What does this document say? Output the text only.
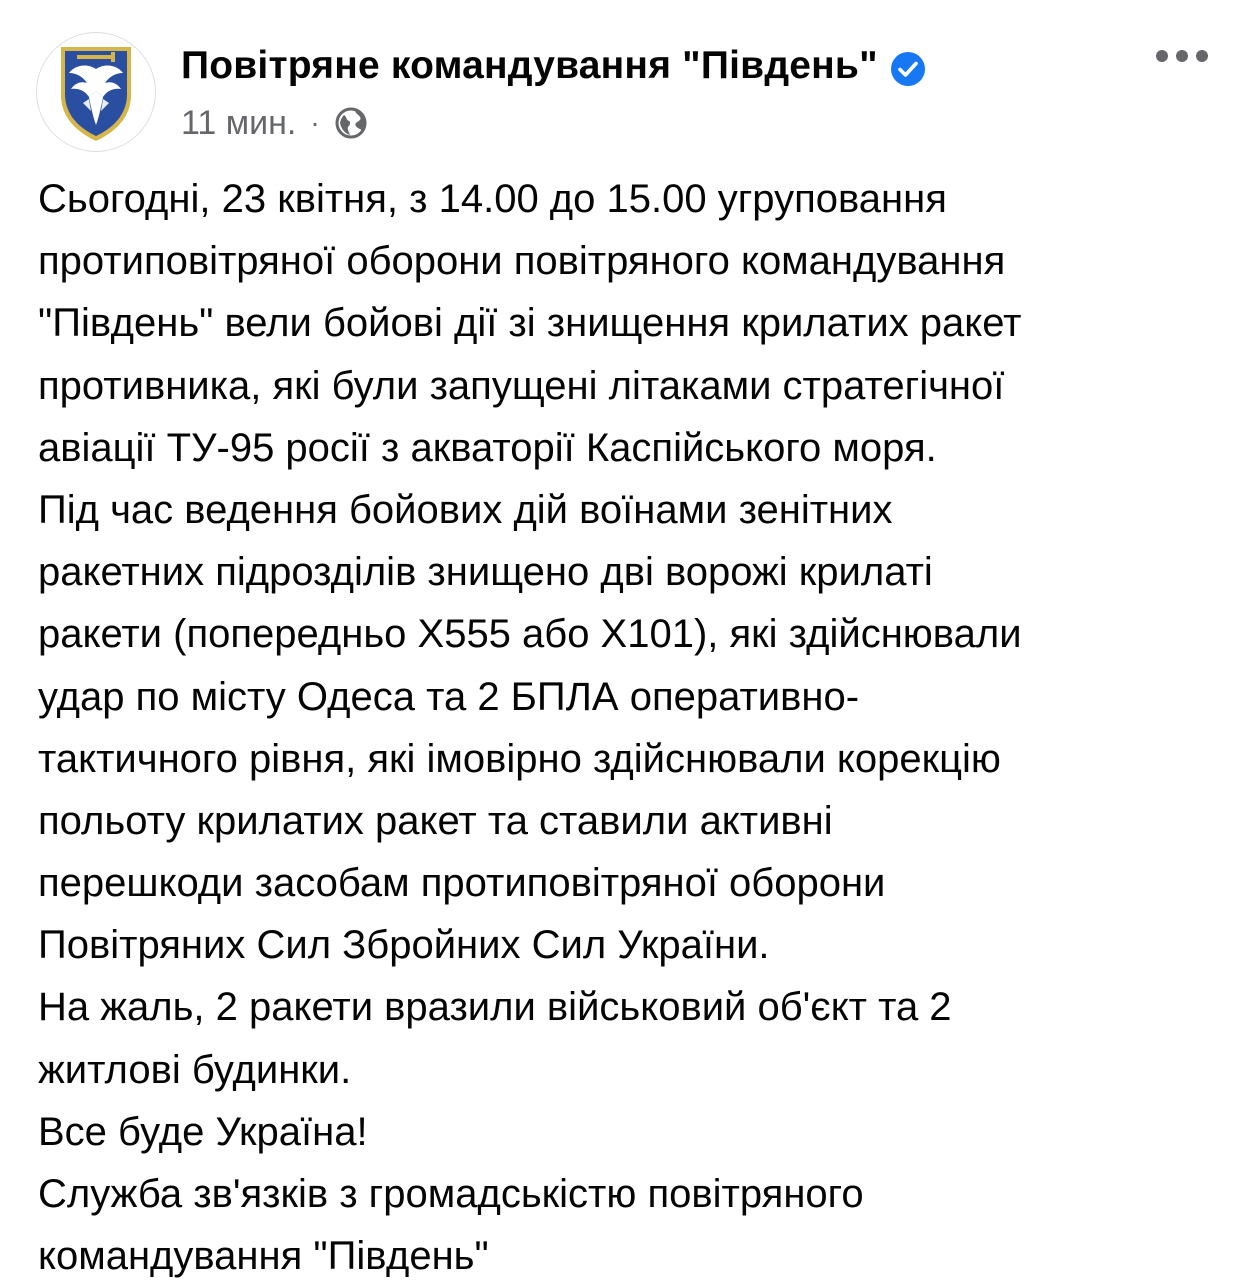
Повітряне командування "Південь"
11 мин. ·
Сьогодні, 23 квітня, з 14.00 до 15.00 угруповання
протиповітряної оборони повітряного командування
"Південь" вели бойові дії зі знищення крилатих ракет
противника, які були запущені літаками стратегічної
авіації ТУ-95 росії з акваторії Каспійського моря.
Під час ведення бойових дій воїнами зенітних
ракетних підрозділів знищено дві ворожі крилаті
ракети (попередньо Х555 або Х101), які здійснювали
удар по місту Одеса та 2 БПЛА оперативно-
тактичного рівня, які імовірно здійснювали корекцію
польоту крилатих ракет та ставили активні
перешкоди засобам протиповітряної оборони
Повітряних Сил Збройних Сил України.
На жаль, 2 ракети вразили військовий об'єкт та 2
житлові будинки.
Все буде Україна!
Служба зв'язків з громадськістю повітряного
командування "Південь"
